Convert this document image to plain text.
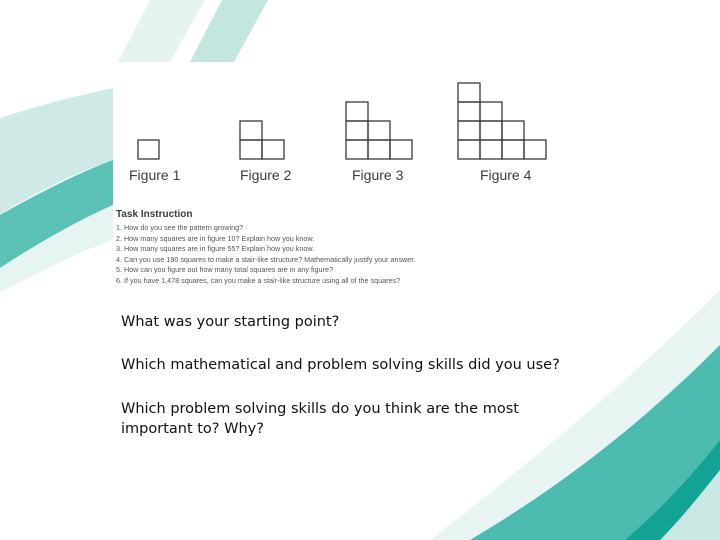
Figure 1	Figure 2	Figure 3	Figure 4
Task Instruction
1. How do you see the pattern growing?
2. How many squares are in figure 10? Explain how you know.
3. How many squares are in figure 55? Explain how you know.
4. Can you use 190 squares to make a stair-like structure? Mathematically justify your answer.
5. How can you figure out how many total squares are in any figure?
6. If you have 1,478 squares, can you make a stair-like structure using all of the squares?

What was your starting point?

Which mathematical and problem solving skills did you use?

Which problem solving skills do you think are the most important to? Why?
